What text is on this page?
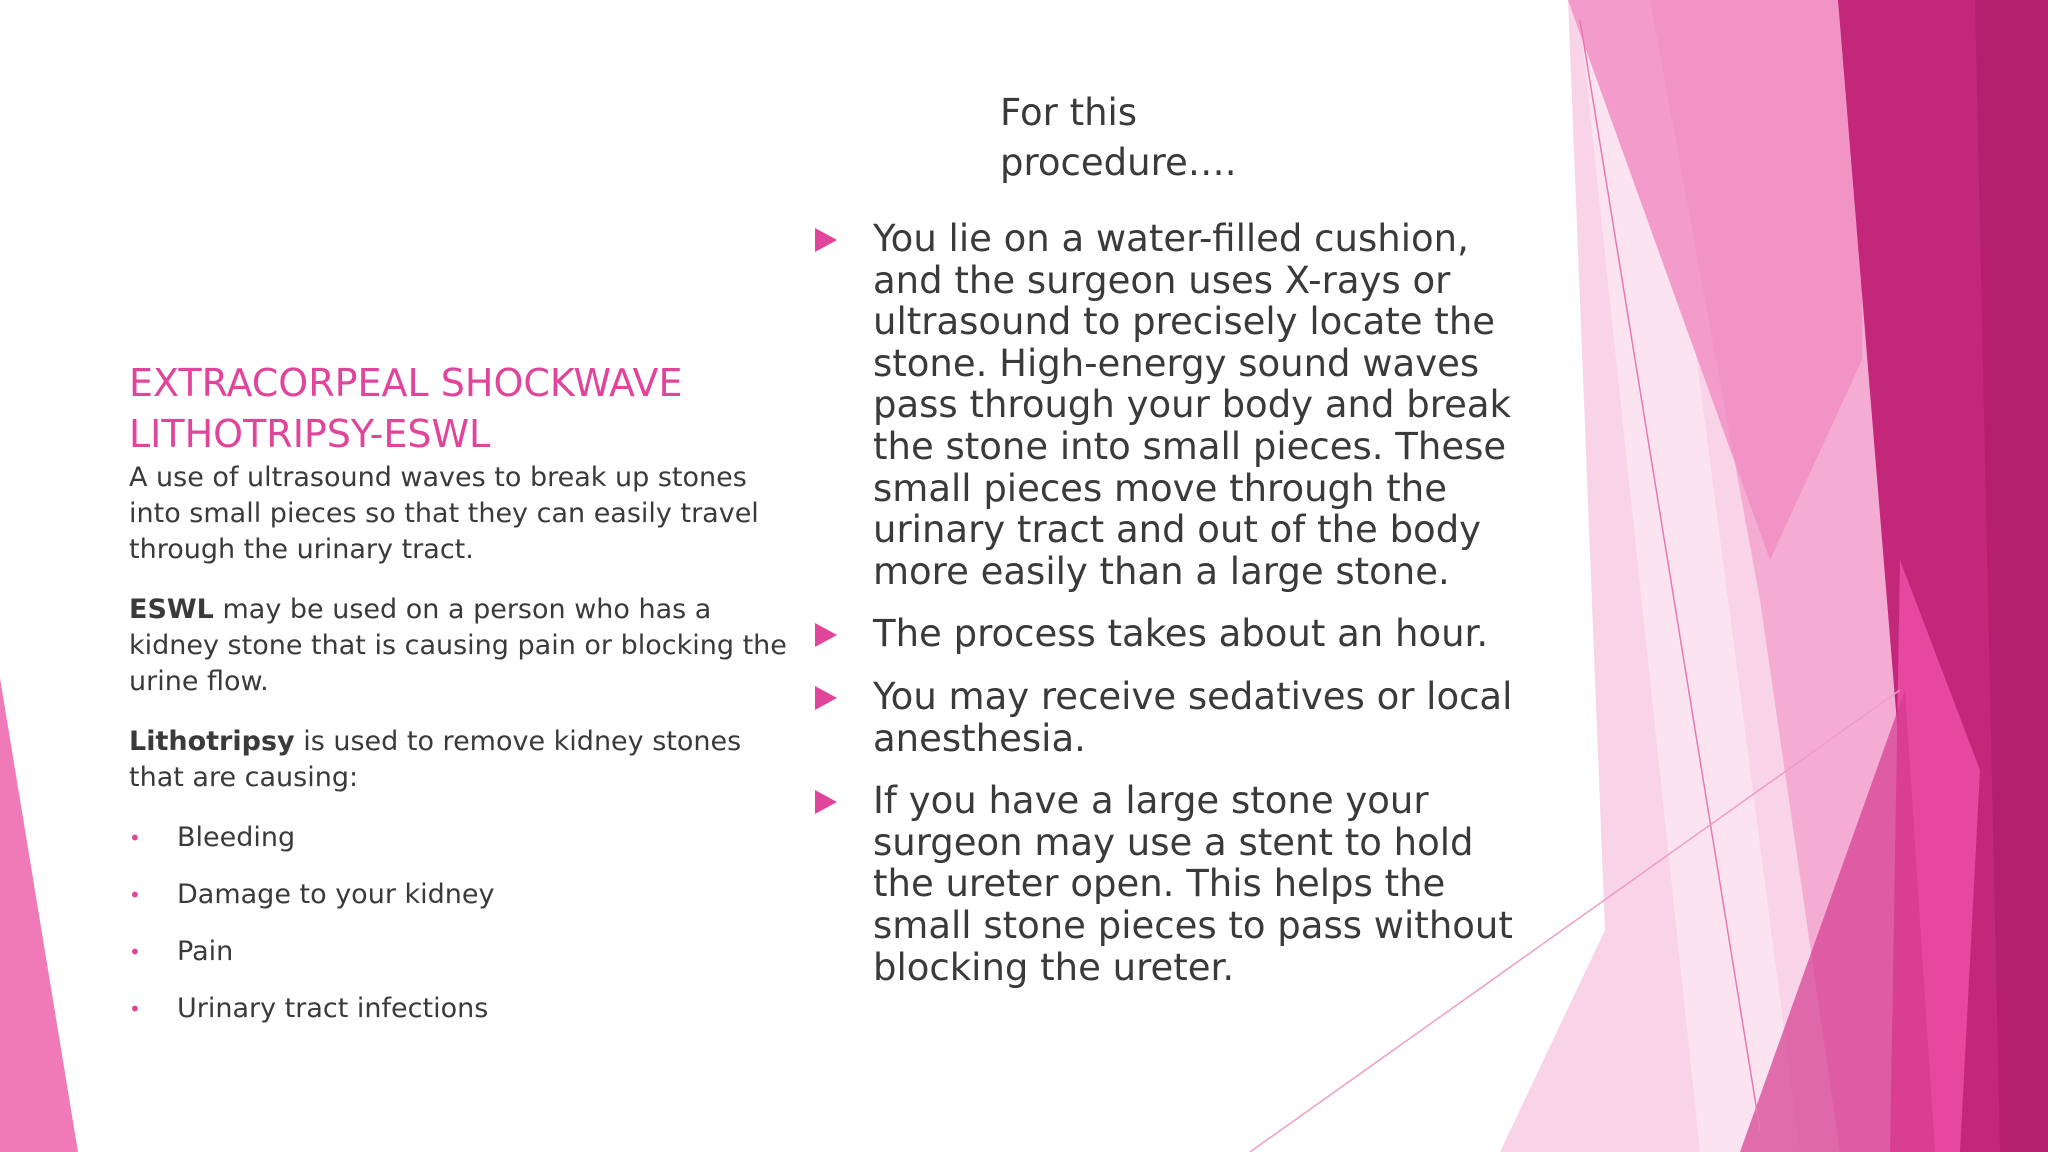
EXTRACORPEAL SHOCKWAVE
LITHOTRIPSY-ESWL

A use of ultrasound waves to break up stones into small pieces so that they can easily travel through the urinary tract.

ESWL may be used on a person who has a kidney stone that is causing pain or blocking the urine flow.

Lithotripsy is used to remove kidney stones that are causing:

• Bleeding
• Damage to your kidney
• Pain
• Urinary tract infections
For this procedure….
You lie on a water-filled cushion, and the surgeon uses X-rays or ultrasound to precisely locate the stone. High-energy sound waves pass through your body and break the stone into small pieces. These small pieces move through the urinary tract and out of the body more easily than a large stone.
The process takes about an hour.
You may receive sedatives or local anesthesia.
If you have a large stone your surgeon may use a stent to hold the ureter open. This helps the small stone pieces to pass without blocking the ureter.
